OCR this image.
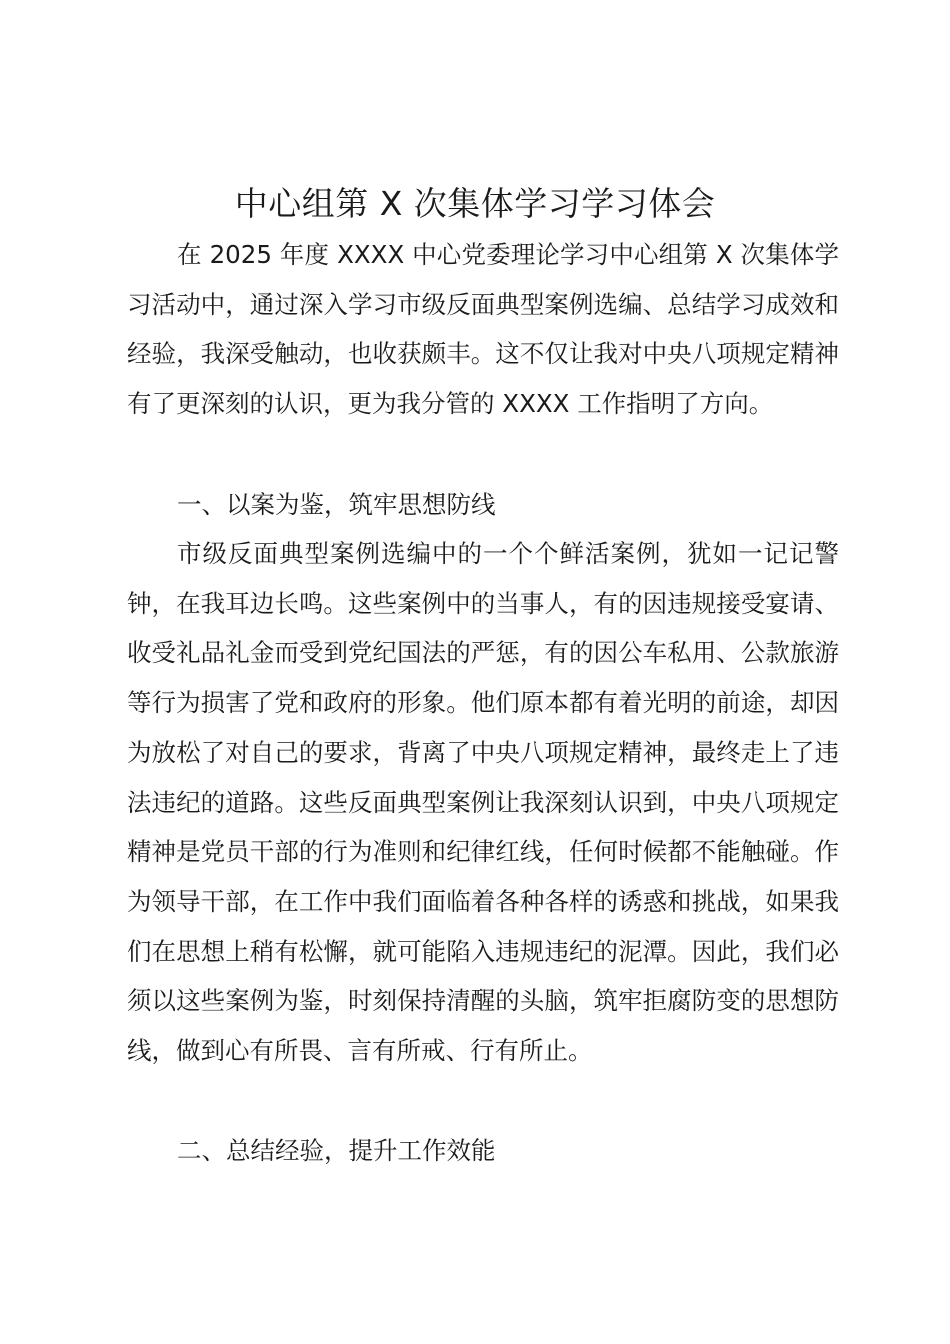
中心组第 X 次集体学习学习体会

在 2025 年度 XXXX 中心党委理论学习中心组第 X 次集体学习活动中，通过深入学习市级反面典型案例选编、总结学习成效和经验，我深受触动，也收获颇丰。这不仅让我对中央八项规定精神有了更深刻的认识，更为我分管的 XXXX 工作指明了方向。

一、以案为鉴，筑牢思想防线

市级反面典型案例选编中的一个个鲜活案例，犹如一记记警钟，在我耳边长鸣。这些案例中的当事人，有的因违规接受宴请、收受礼品礼金而受到党纪国法的严惩，有的因公车私用、公款旅游等行为损害了党和政府的形象。他们原本都有着光明的前途，却因为放松了对自己的要求，背离了中央八项规定精神，最终走上了违法违纪的道路。这些反面典型案例让我深刻认识到，中央八项规定精神是党员干部的行为准则和纪律红线，任何时候都不能触碰。作为领导干部，在工作中我们面临着各种各样的诱惑和挑战，如果我们在思想上稍有松懈，就可能陷入违规违纪的泥潭。因此，我们必须以这些案例为鉴，时刻保持清醒的头脑，筑牢拒腐防变的思想防线，做到心有所畏、言有所戒、行有所止。

二、总结经验，提升工作效能
